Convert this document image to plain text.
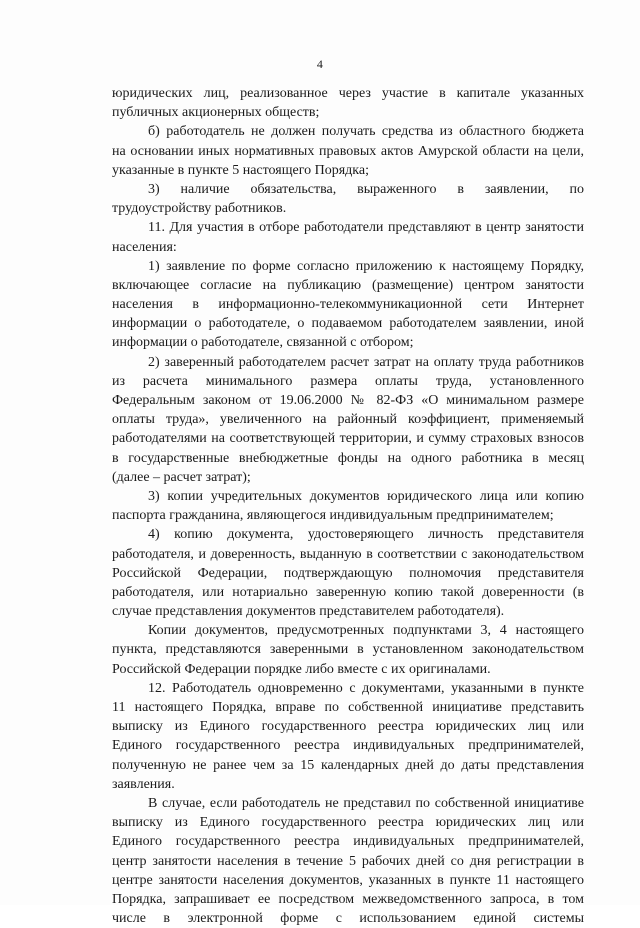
4
юридических лиц, реализованное через участие в капитале указанных
публичных акционерных обществ;
б) работодатель не должен получать средства из областного бюджета
на основании иных нормативных правовых актов Амурской области на цели,
указанные в пункте 5 настоящего Порядка;
3) наличие обязательства, выраженного в заявлении, по
трудоустройству работников.
11. Для участия в отборе работодатели представляют в центр занятости
населения:
1) заявление по форме согласно приложению к настоящему Порядку,
включающее согласие на публикацию (размещение) центром занятости
населения в информационно-телекоммуникационной сети Интернет
информации о работодателе, о подаваемом работодателем заявлении, иной
информации о работодателе, связанной с отбором;
2) заверенный работодателем расчет затрат на оплату труда работников
из расчета минимального размера оплаты труда, установленного
Федеральным законом от 19.06.2000 № 82-ФЗ «О минимальном размере
оплаты труда», увеличенного на районный коэффициент, применяемый
работодателями на соответствующей территории, и сумму страховых взносов
в государственные внебюджетные фонды на одного работника в месяц
(далее – расчет затрат);
3) копии учредительных документов юридического лица или копию
паспорта гражданина, являющегося индивидуальным предпринимателем;
4) копию документа, удостоверяющего личность представителя
работодателя, и доверенность, выданную в соответствии с законодательством
Российской Федерации, подтверждающую полномочия представителя
работодателя, или нотариально заверенную копию такой доверенности (в
случае представления документов представителем работодателя).
Копии документов, предусмотренных подпунктами 3, 4 настоящего
пункта, представляются заверенными в установленном законодательством
Российской Федерации порядке либо вместе с их оригиналами.
12. Работодатель одновременно с документами, указанными в пункте
11 настоящего Порядка, вправе по собственной инициативе представить
выписку из Единого государственного реестра юридических лиц или
Единого государственного реестра индивидуальных предпринимателей,
полученную не ранее чем за 15 календарных дней до даты представления
заявления.
В случае, если работодатель не представил по собственной инициативе
выписку из Единого государственного реестра юридических лиц или
Единого государственного реестра индивидуальных предпринимателей,
центр занятости населения в течение 5 рабочих дней со дня регистрации в
центре занятости населения документов, указанных в пункте 11 настоящего
Порядка, запрашивает ее посредством межведомственного запроса, в том
числе в электронной форме с использованием единой системы
